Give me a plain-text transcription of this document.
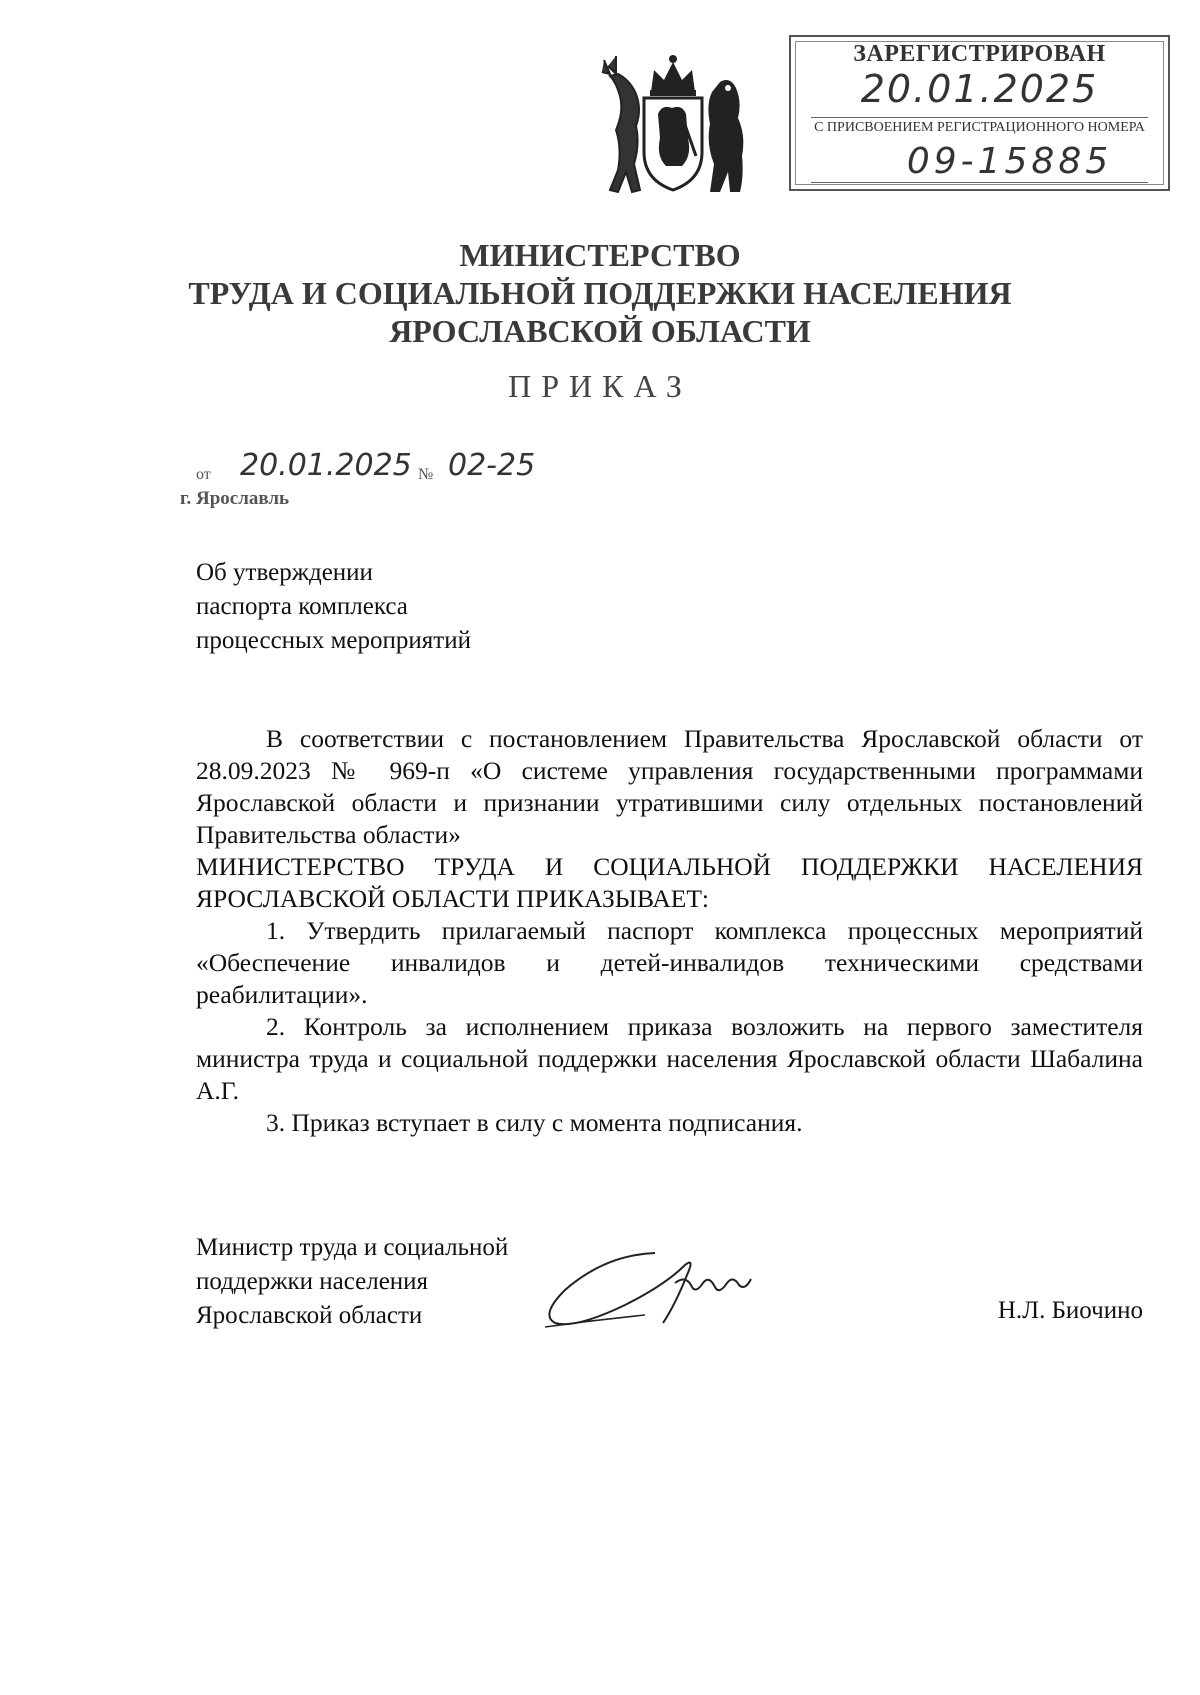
ЗАРЕГИСТРИРОВАН
20.01.2025
С ПРИСВОЕНИЕМ РЕГИСТРАЦИОННОГО НОМЕРА
09-15885
МИНИСТЕРСТВО
ТРУДА И СОЦИАЛЬНОЙ ПОДДЕРЖКИ НАСЕЛЕНИЯ
ЯРОСЛАВСКОЙ ОБЛАСТИ
ПРИКАЗ
от 20.01.2025 № 02-25
г. Ярославль
Об утверждении
паспорта комплекса
процессных мероприятий

В соответствии с постановлением Правительства Ярославской области от 28.09.2023 № 969-п «О системе управления государственными программами Ярославской области и признании утратившими силу отдельных постановлений Правительства области»

МИНИСТЕРСТВО ТРУДА И СОЦИАЛЬНОЙ ПОДДЕРЖКИ НАСЕЛЕНИЯ ЯРОСЛАВСКОЙ ОБЛАСТИ ПРИКАЗЫВАЕТ:

1. Утвердить прилагаемый паспорт комплекса процессных мероприятий «Обеспечение инвалидов и детей-инвалидов техническими средствами реабилитации».

2. Контроль за исполнением приказа возложить на первого заместителя министра труда и социальной поддержки населения Ярославской области Шабалина А.Г.

3. Приказ вступает в силу с момента подписания.

Министр труда и социальной
поддержки населения
Ярославской области	Н.Л. Биочино
